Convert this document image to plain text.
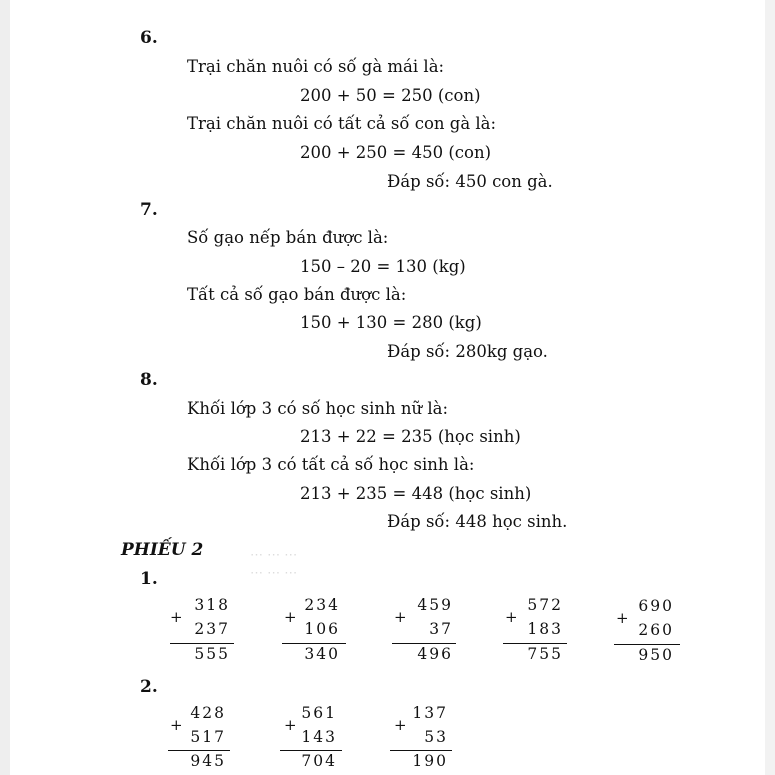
6.
Trại chăn nuôi có số gà mái là:
200 + 50 = 250 (con)
Trại chăn nuôi có tất cả số con gà là:
200 + 250 = 450 (con)
Đáp số: 450 con gà.
7.
Số gạo nếp bán được là:
150 – 20 = 130 (kg)
Tất cả số gạo bán được là:
150 + 130 = 280 (kg)
Đáp số: 280kg gạo.
8.
Khối lớp 3 có số học sinh nữ là:
213 + 22 = 235 (học sinh)
Khối lớp 3 có tất cả số học sinh là:
213 + 235 = 448 (học sinh)
Đáp số: 448 học sinh.
⋯ ⋯ ⋯
⋯ ⋯ ⋯
PHIẾU 2
1.
+
318
237
555
+
234
106
340
+
459
37
496
+
572
183
755
+
690
260
950
2.
+
428
517
945
+
561
143
704
+
137
53
190
